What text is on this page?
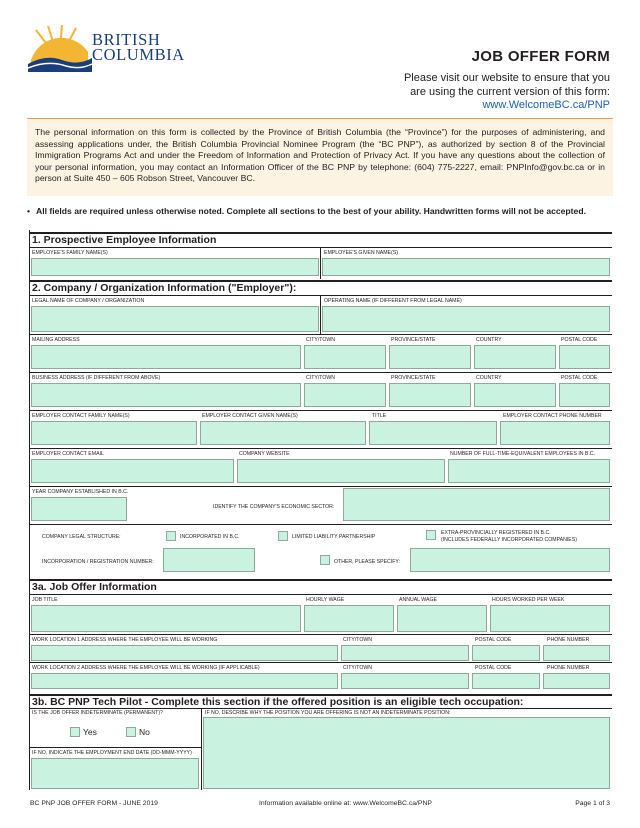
BRITISH
COLUMBIA	JOB OFFER FORM
Please visit our website to ensure that you
are using the current version of this form:
www.WelcomeBC.ca/PNP
The personal information on this form is collected by the Province of British Columbia (the “Province”) for the purposes of administering, and assessing applications under, the British Columbia Provincial Nominee Program (the “BC PNP”), as authorized by section 8 of the Provincial Immigration Programs Act and under the Freedom of Information and Protection of Privacy Act. If you have any questions about the collection of your personal information, you may contact an Information Officer of the BC PNP by telephone: (604) 775-2227, email: PNPInfo@gov.bc.ca or in person at Suite 450 – 605 Robson Street, Vancouver BC.
• All fields are required unless otherwise noted. Complete all sections to the best of your ability. Handwritten forms will not be accepted.
1. Prospective Employee Information
EMPLOYEE'S FAMILY NAME(S)	EMPLOYEE'S GIVEN NAME(S)
2. Company / Organization Information ("Employer"):
LEGAL NAME OF COMPANY / ORGANIZATION	OPERATING NAME (IF DIFFERENT FROM LEGAL NAME)
MAILING ADDRESS	CITY/TOWN	PROVINCE/STATE	COUNTRY	POSTAL CODE
BUSINESS ADDRESS (IF DIFFERENT FROM ABOVE)	CITY/TOWN	PROVINCE/STATE	COUNTRY	POSTAL CODE
EMPLOYER CONTACT FAMILY NAME(S)	EMPLOYER CONTACT GIVEN NAME(S)	TITLE	EMPLOYER CONTACT PHONE NUMBER
EMPLOYER CONTACT EMAIL	COMPANY WEBSITE	NUMBER OF FULL-TIME-EQUIVALENT EMPLOYEES IN B.C.
YEAR COMPANY ESTABLISHED IN B.C.
IDENTIFY THE COMPANY'S ECONOMIC SECTOR:
COMPANY LEGAL STRUCTURE:	INCORPORATED IN B.C.	LIMITED LIABILITY PARTNERSHIP
EXTRA-PROVINCIALLY REGISTERED IN B.C.
(INCLUDES FEDERALLY INCORPORATED COMPANIES)
INCORPORATION / REGISTRATION NUMBER:	OTHER, PLEASE SPECIFY:
3a. Job Offer Information
JOB TITLE	HOURLY WAGE	ANNUAL WAGE	HOURS WORKED PER WEEK
WORK LOCATION 1 ADDRESS WHERE THE EMPLOYEE WILL BE WORKING	CITY/TOWN	POSTAL CODE	PHONE NUMBER
WORK LOCATION 2 ADDRESS WHERE THE EMPLOYEE WILL BE WORKING (IF APPLICABLE)	CITY/TOWN	POSTAL CODE	PHONE NUMBER
3b. BC PNP Tech Pilot - Complete this section if the offered position is an eligible tech occupation:
IS THE JOB OFFER INDETERMINATE (PERMANENT)?	IF NO, DESCRIBE WHY THE POSITION YOU ARE OFFERING IS NOT AN INDETERMINATE POSITION:
Yes	No
IF NO, INDICATE THE EMPLOYMENT END DATE (DD-MMM-YYYY)
BC PNP JOB OFFER FORM - JUNE 2019	Information available online at: www.WelcomeBC.ca/PNP	Page 1 of 3
